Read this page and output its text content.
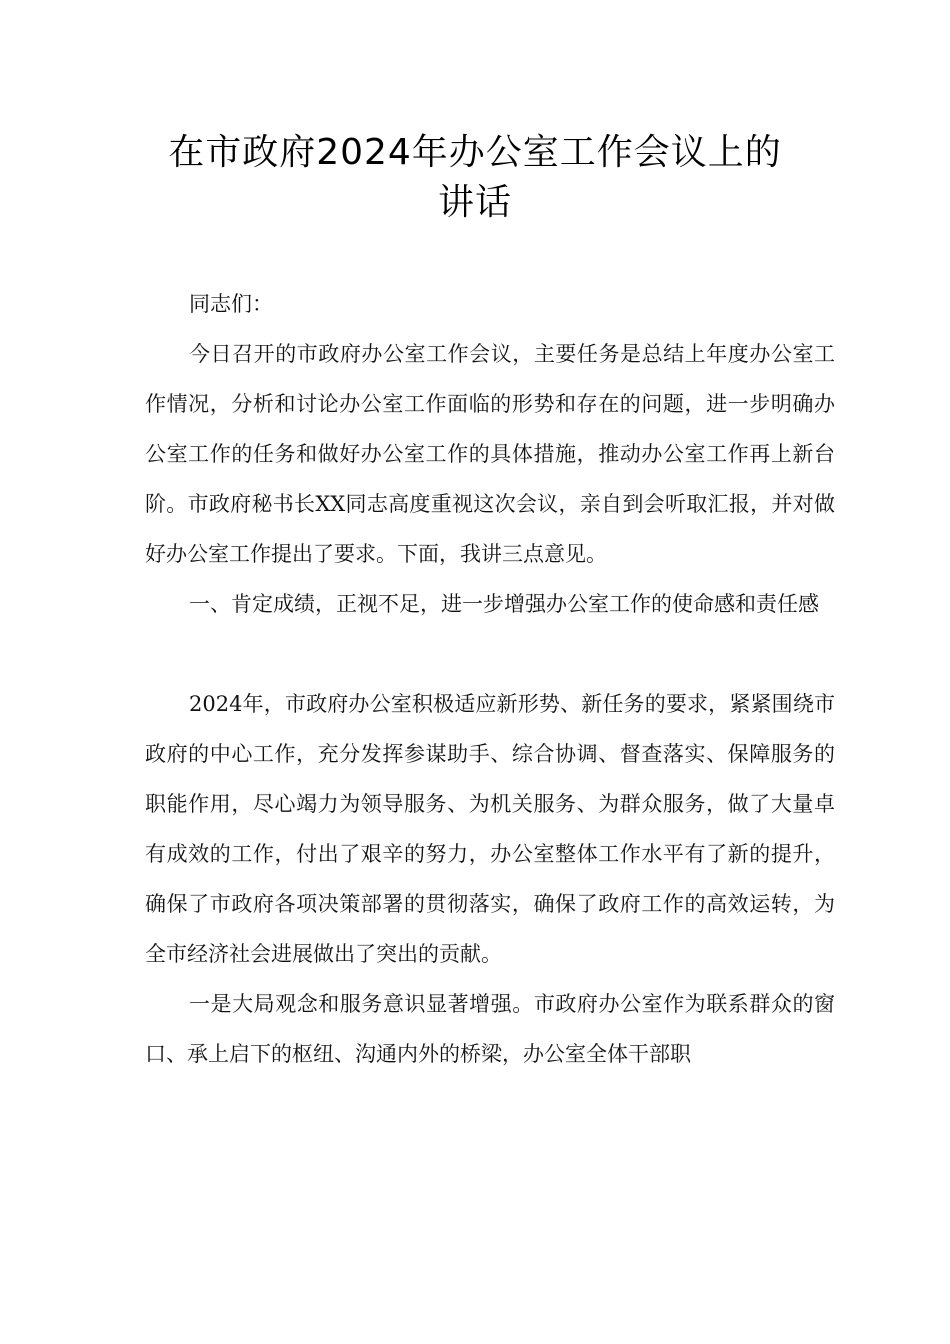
在市政府2024年办公室工作会议上的
讲话

同志们：

今日召开的市政府办公室工作会议，主要任务是总结上年度办公室工作情况，分析和讨论办公室工作面临的形势和存在的问题，进一步明确办公室工作的任务和做好办公室工作的具体措施，推动办公室工作再上新台阶。市政府秘书长XX同志高度重视这次会议，亲自到会听取汇报，并对做好办公室工作提出了要求。下面，我讲三点意见。

一、肯定成绩，正视不足，进一步增强办公室工作的使命感和责任感

2024年，市政府办公室积极适应新形势、新任务的要求，紧紧围绕市政府的中心工作，充分发挥参谋助手、综合协调、督查落实、保障服务的职能作用，尽心竭力为领导服务、为机关服务、为群众服务，做了大量卓有成效的工作，付出了艰辛的努力，办公室整体工作水平有了新的提升，确保了市政府各项决策部署的贯彻落实，确保了政府工作的高效运转，为全市经济社会进展做出了突出的贡献。

一是大局观念和服务意识显著增强。市政府办公室作为联系群众的窗口、承上启下的枢纽、沟通内外的桥梁，办公室全体干部职
